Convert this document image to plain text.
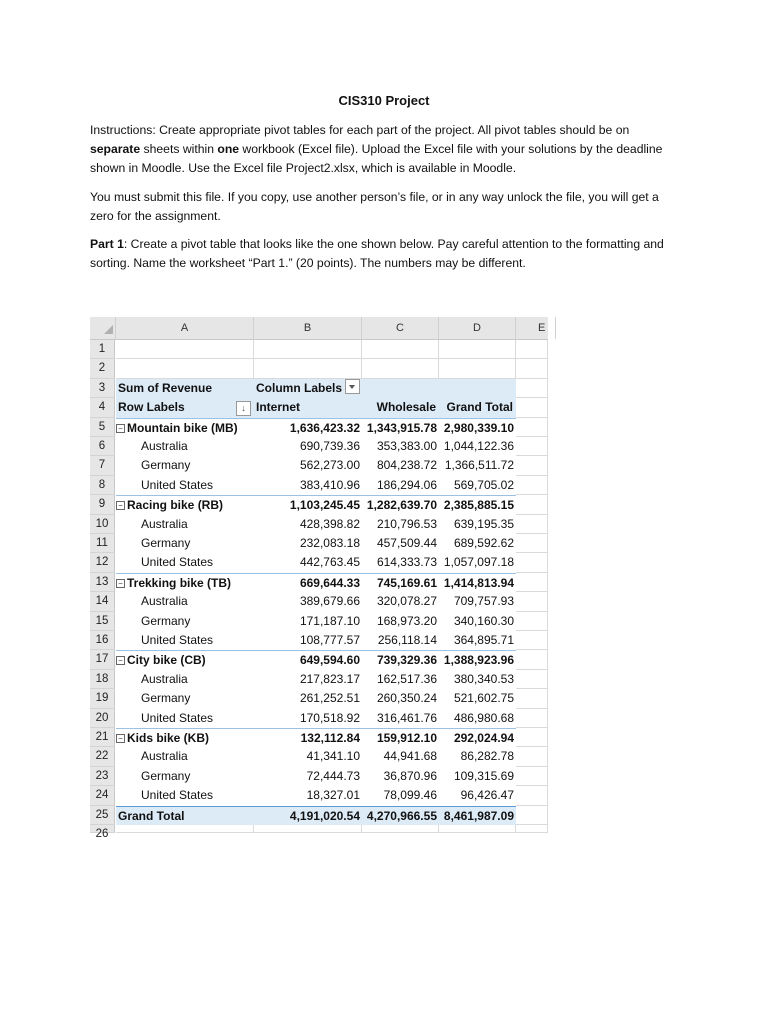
CIS310 Project
Instructions: Create appropriate pivot tables for each part of the project. All pivot tables should be on separate sheets within one workbook (Excel file). Upload the Excel file with your solutions by the deadline shown in Moodle. Use the Excel file Project2.xlsx, which is available in Moodle.
You must submit this file. If you copy, use another person’s file, or in any way unlock the file, you will get a zero for the assignment.
Part 1: Create a pivot table that looks like the one shown below. Pay careful attention to the formatting and sorting. Name the worksheet “Part 1.” (20 points). The numbers may be different.
A	B	C	D	E
1
2
3	Sum of Revenue	Column Labels
4	Row Labels	↓ Internet	Wholesale Grand Total
5	− Mountain bike (MB)	1,636,423.32 1,343,915.78 2,980,339.10
6	Australia	690,739.36	353,383.00 1,044,122.36
7	Germany	562,273.00	804,238.72 1,366,511.72
8	United States	383,410.96	186,294.06	569,705.02
9	− Racing bike (RB)	1,103,245.45 1,282,639.70 2,385,885.15
10	Australia	428,398.82	210,796.53	639,195.35
11	Germany	232,083.18	457,509.44	689,592.62
12	United States	442,763.45	614,333.73 1,057,097.18
13	− Trekking bike (TB)	669,644.33	745,169.61 1,414,813.94
14	Australia	389,679.66	320,078.27	709,757.93
15	Germany	171,187.10	168,973.20	340,160.30
16	United States	108,777.57	256,118.14	364,895.71
17	− City bike (CB)	649,594.60	739,329.36 1,388,923.96
18	Australia	217,823.17	162,517.36	380,340.53
19	Germany	261,252.51	260,350.24	521,602.75
20	United States	170,518.92	316,461.76	486,980.68
21	− Kids bike (KB)	132,112.84	159,912.10	292,024.94
22	Australia	41,341.10	44,941.68	86,282.78
23	Germany	72,444.73	36,870.96	109,315.69
24	United States	18,327.01	78,099.46	96,426.47
25 Grand Total	4,191,020.54 4,270,966.55 8,461,987.09
26
